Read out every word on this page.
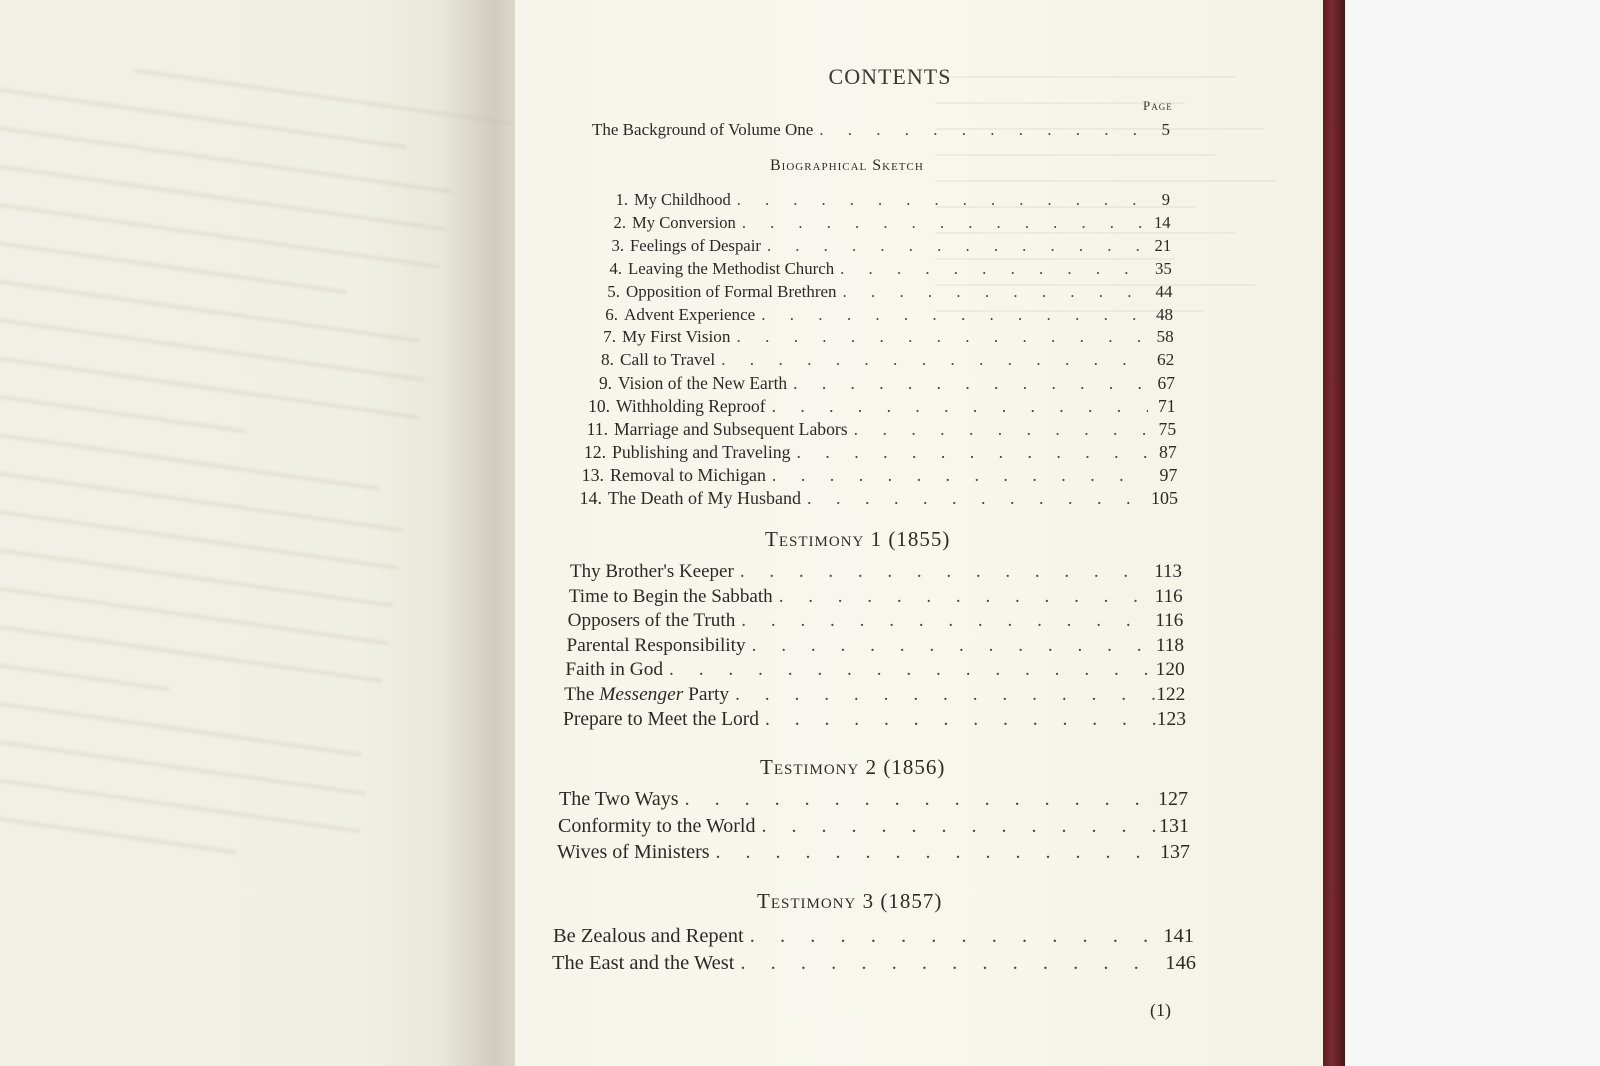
CONTENTS
Page
The Background of Volume One . . .	5
Biographical Sketch
1. My Childhood . . .	9
2. My Conversion . . .	14
3. Feelings of Despair . . .	21
4. Leaving the Methodist Church . . .	35
5. Opposition of Formal Brethren . . .	44
6. Advent Experience . . .	48
7. My First Vision . . .	58
8. Call to Travel . . .	62
9. Vision of the New Earth . . .	67
10. Withholding Reproof . . .	71
11. Marriage and Subsequent Labors . . .	75
12. Publishing and Traveling . . .	87
13. Removal to Michigan . . .	97
14. The Death of My Husband . . .	105
Testimony 1 (1855)
Thy Brother's Keeper . . .	113
Time to Begin the Sabbath . . .	116
Opposers of the Truth . . .	116
Parental Responsibility . . .	118
Faith in God . . .	120
The Messenger Party . . .	122
Prepare to Meet the Lord . . .	123
Testimony 2 (1856)
The Two Ways . . .	127
Conformity to the World . . .	131
Wives of Ministers . . .	137
Testimony 3 (1857)
Be Zealous and Repent . . .	141
The East and the West . . .	146
(1)
